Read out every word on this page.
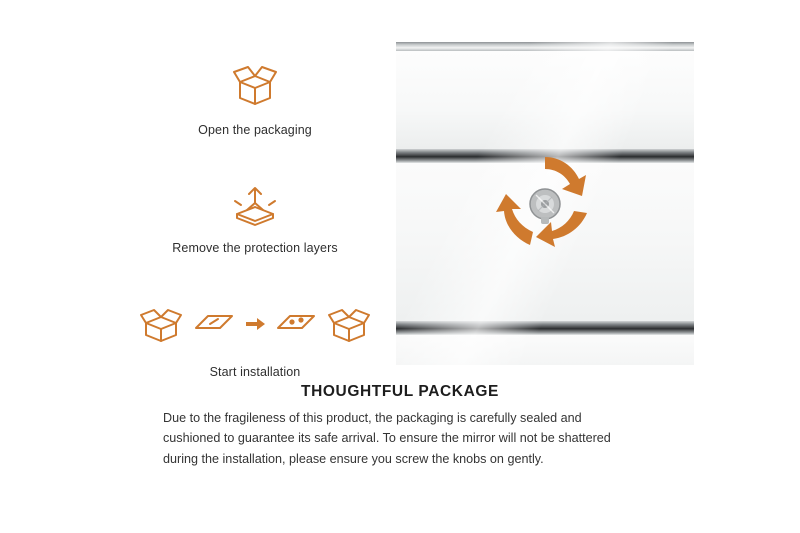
Open the packaging
Remove the protection layers
Start installation
THOUGHTFUL PACKAGE
Due to the fragileness of this product, the packaging is carefully sealed and cushioned to guarantee its safe arrival. To ensure the mirror will not be shattered during the installation, please ensure you screw the knobs on gently.
